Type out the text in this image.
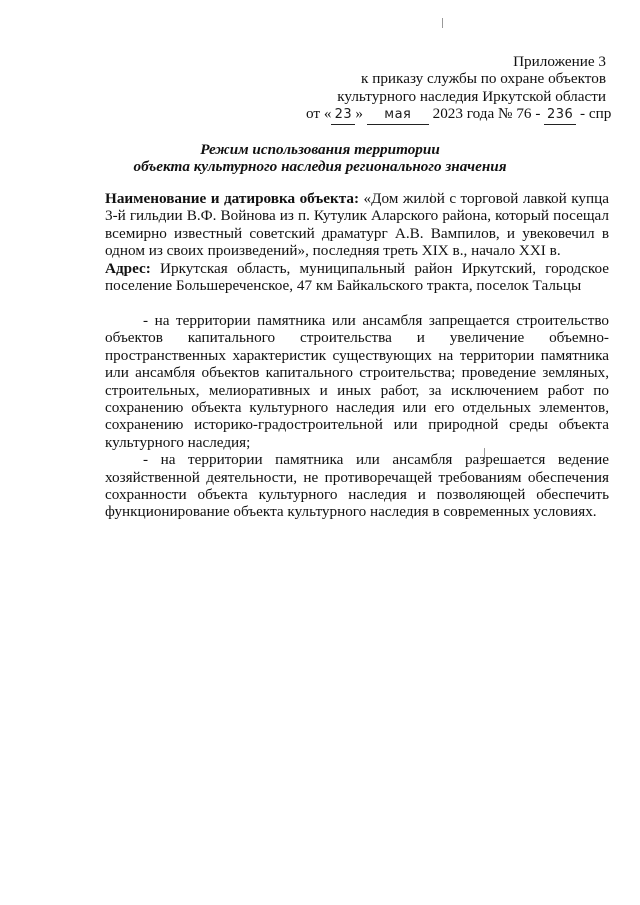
Приложение 3
к приказу службы по охране объектов
культурного наследия Иркутской области
от « 23 » мая 2023 года № 76 - 236 - спр
Режим использования территории
объекта культурного наследия регионального значения
Наименование и датировка объекта: «Дом жилой с торговой лавкой купца 3-й гильдии В.Ф. Войнова из п. Кутулик Аларского района, который посещал всемирно известный советский драматург А.В. Вампилов, и увековечил в одном из своих произведений», последняя треть XIX в., начало XXI в.
Адрес: Иркутская область, муниципальный район Иркутский, городское поселение Большереченское, 47 км Байкальского тракта, поселок Тальцы

- на территории памятника или ансамбля запрещается строительство объектов капитального строительства и увеличение объемно-пространственных характеристик существующих на территории памятника или ансамбля объектов капитального строительства; проведение земляных, строительных, мелиоративных и иных работ, за исключением работ по сохранению объекта культурного наследия или его отдельных элементов, сохранению историко-градостроительной или природной среды объекта культурного наследия;

- на территории памятника или ансамбля разрешается ведение хозяйственной деятельности, не противоречащей требованиям обеспечения сохранности объекта культурного наследия и позволяющей обеспечить функционирование объекта культурного наследия в современных условиях.
